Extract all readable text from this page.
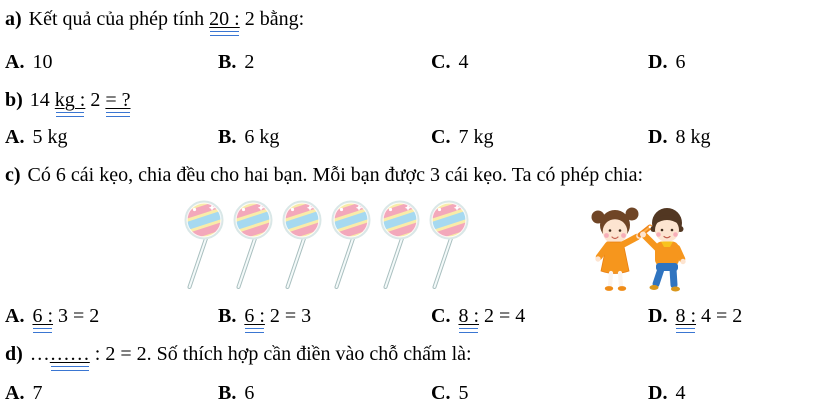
a) Kết quả của phép tính 20 : 2 bằng:
A. 10	B. 2	C. 4	D. 6
b) 14 kg : 2 = ?
A. 5 kg	B. 6 kg	C. 7 kg	D. 8 kg
c) Có 6 cái kẹo, chia đều cho hai bạn. Mỗi bạn được 3 cái kẹo. Ta có phép chia:
A. 6 : 3 = 2	B. 6 : 2 = 3	C. 8 : 2 = 4	D. 8 : 4 = 2
d) ……… : 2 = 2. Số thích hợp cần điền vào chỗ chấm là:
A. 7	B. 6	C. 5	D. 4
